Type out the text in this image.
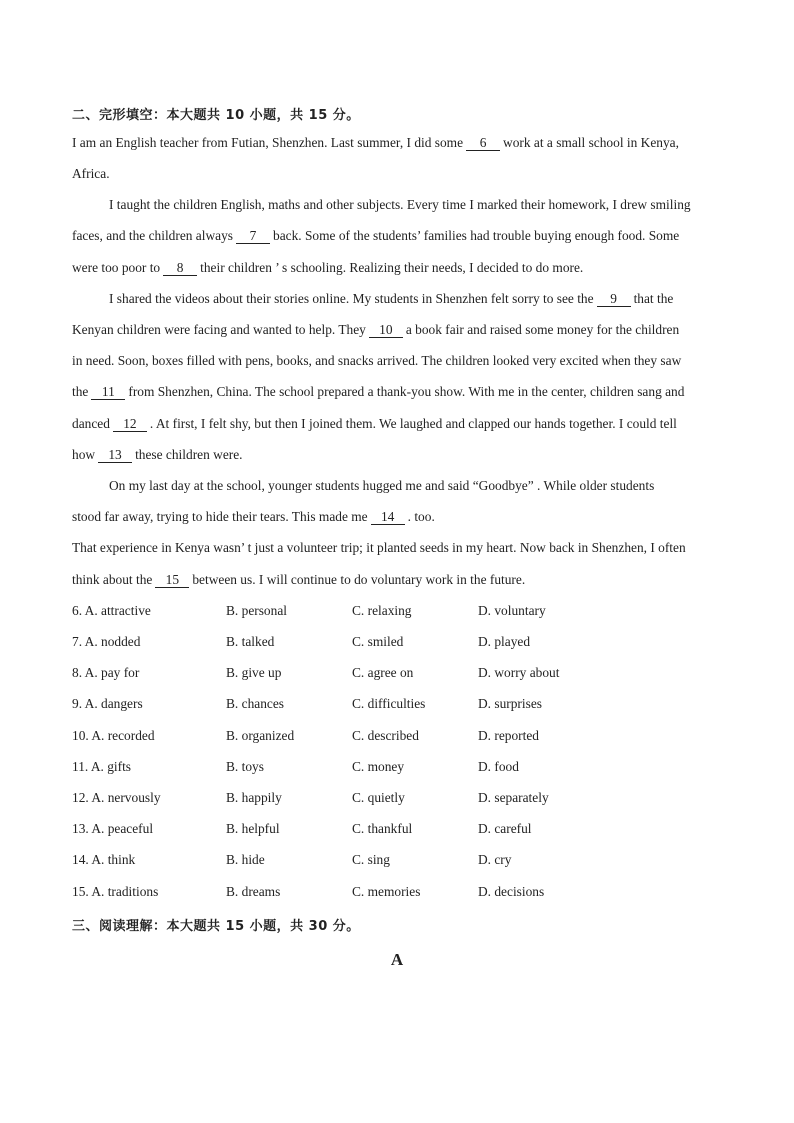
二、完形填空：本大题共 10 小题，共 15 分。
I am an English teacher from Futian, Shenzhen. Last summer, I did some 6 work at a small school in Kenya,
Africa.
I taught the children English, maths and other subjects. Every time I marked their homework, I drew smiling
faces, and the children always 7 back. Some of the students’ families had trouble buying enough food. Some
were too poor to 8 their children ’ s schooling. Realizing their needs, I decided to do more.
I shared the videos about their stories online. My students in Shenzhen felt sorry to see the 9 that the
Kenyan children were facing and wanted to help. They 10 a book fair and raised some money for the children
in need. Soon, boxes filled with pens, books, and snacks arrived. The children looked very excited when they saw
the 11 from Shenzhen, China. The school prepared a thank-you show. With me in the center, children sang and
danced 12 . At first, I felt shy, but then I joined them. We laughed and clapped our hands together. I could tell
how 13 these children were.
On my last day at the school, younger students hugged me and said “Goodbye” . While older students
stood far away, trying to hide their tears. This made me 14 . too.
That experience in Kenya wasn’ t just a volunteer trip; it planted seeds in my heart. Now back in Shenzhen, I often
think about the 15 between us. I will continue to do voluntary work in the future.
6. A. attractive	B. personal	C. relaxing	D. voluntary
7. A. nodded	B. talked	C. smiled	D. played
8. A. pay for	B. give up	C. agree on	D. worry about
9. A. dangers	B. chances	C. difficulties	D. surprises
10. A. recorded	B. organized	C. described	D. reported
11. A. gifts	B. toys	C. money	D. food
12. A. nervously	B. happily	C. quietly	D. separately
13. A. peaceful	B. helpful	C. thankful	D. careful
14. A. think	B. hide	C. sing	D. cry
15. A. traditions	B. dreams	C. memories	D. decisions
三、阅读理解：本大题共 15 小题，共 30 分。
A
